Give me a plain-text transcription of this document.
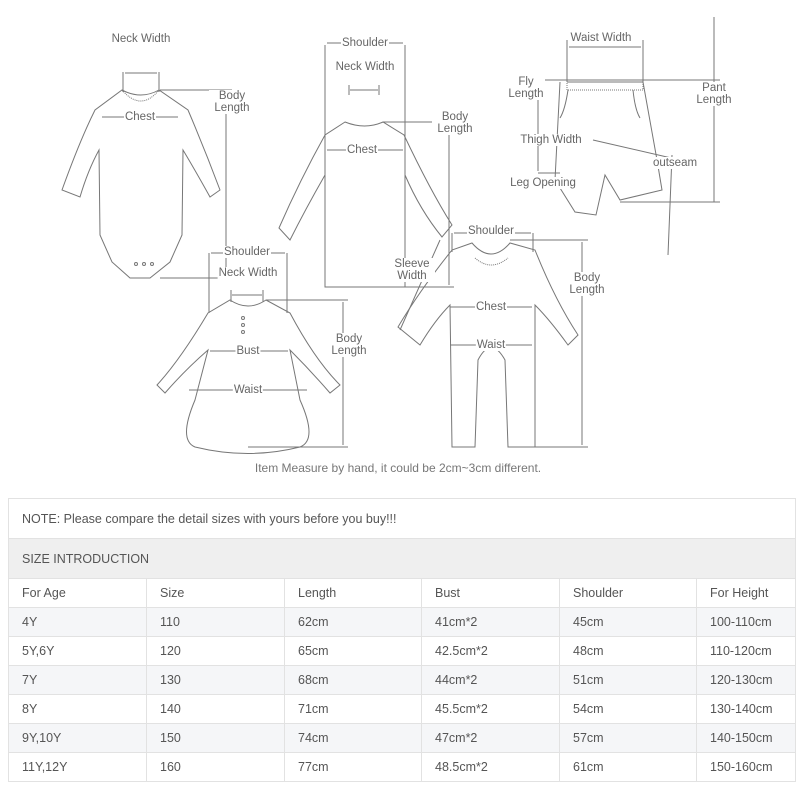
Neck Width
Body Length
Chest
Shoulder
Neck Width
Body Length
Chest
Waist Width
Fly Length	Pant Length
Thigh Width
outseam
Leg Opening
Shoulder
Neck Width
Body Length
Bust
Waist
Shoulder
Sleeve Width	Body Length
Chest
Waist
Item Measure by hand, it could be 2cm~3cm different.
NOTE: Please compare the detail sizes with yours before you buy!!!					
SIZE INTRODUCTION					
For Age	Size	Length	Bust	Shoulder	For Height
4Y	110	62cm	41cm*2	45cm	100-110cm
5Y,6Y	120	65cm	42.5cm*2	48cm	110-120cm
7Y	130	68cm	44cm*2	51cm	120-130cm
8Y	140	71cm	45.5cm*2	54cm	130-140cm
9Y,10Y	150	74cm	47cm*2	57cm	140-150cm
11Y,12Y	160	77cm	48.5cm*2	61cm	150-160cm
